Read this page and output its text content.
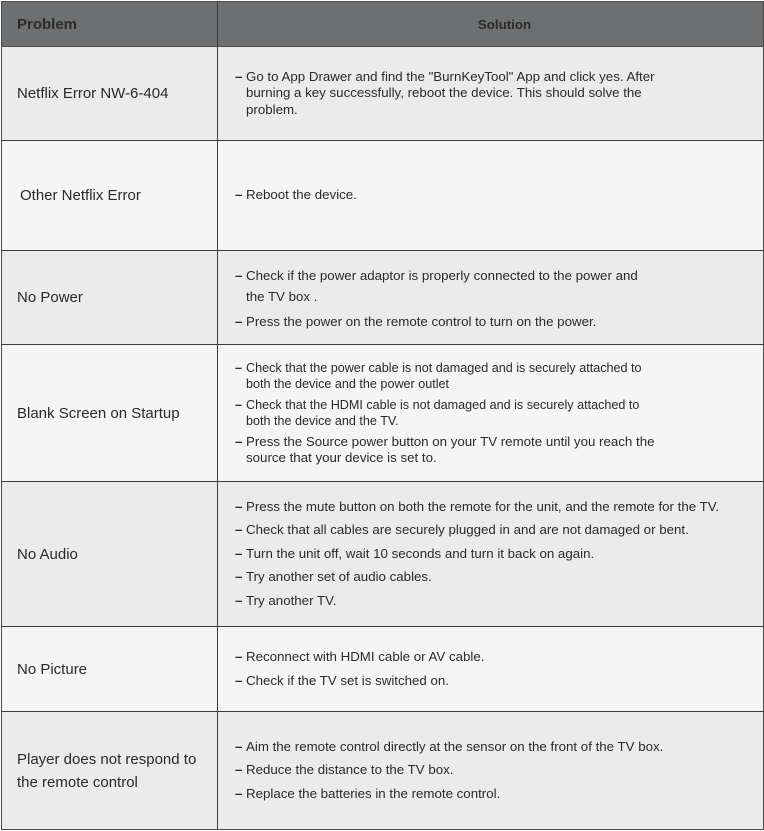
Problem	Solution
Netflix Error NW-6-404
– Go to App Drawer and find the "BurnKeyTool" App and click yes. After burning a key successfully, reboot the device. This should solve the problem.
Other Netflix Error	– Reboot the device.
No Power
– Check if the power adaptor is properly connected to the power and the TV box .
– Press the power on the remote control to turn on the power.
Blank Screen on Startup
– Check that the power cable is not damaged and is securely attached to both the device and the power outlet
– Check that the HDMI cable is not damaged and is securely attached to both the device and the TV.
– Press the Source power button on your TV remote until you reach the source that your device is set to.
No Audio
– Press the mute button on both the remote for the unit, and the remote for the TV.
– Check that all cables are securely plugged in and are not damaged or bent.
– Turn the unit off, wait 10 seconds and turn it back on again.
– Try another set of audio cables.
– Try another TV.
No Picture
– Reconnect with HDMI cable or AV cable.
– Check if the TV set is switched on.
Player does not respond to the remote control
– Aim the remote control directly at the sensor on the front of the TV box.
– Reduce the distance to the TV box.
– Replace the batteries in the remote control.
